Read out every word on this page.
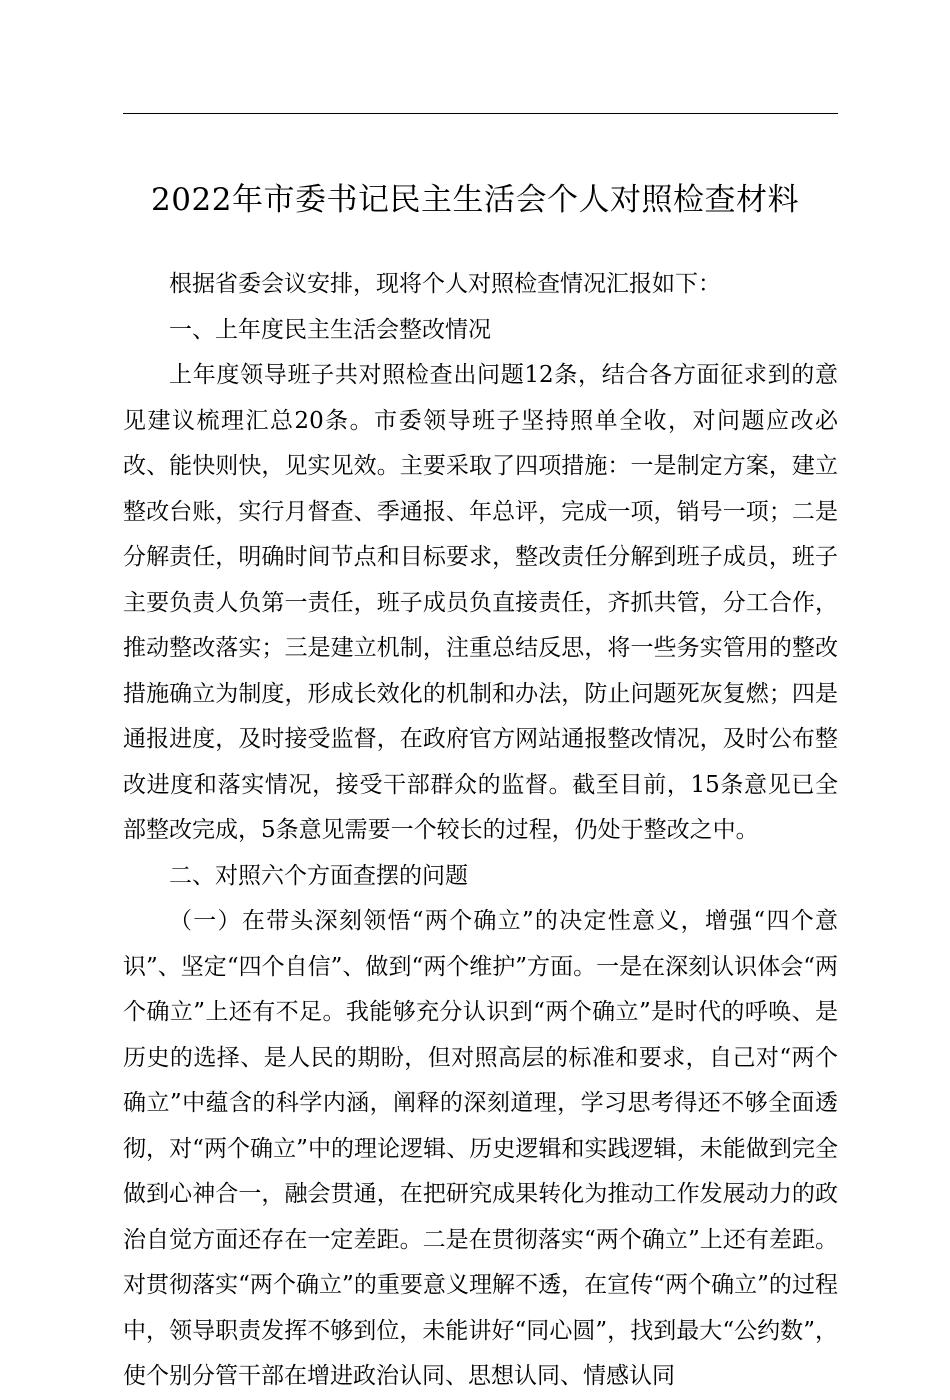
2022年市委书记民主生活会个人对照检查材料

根据省委会议安排，现将个人对照检查情况汇报如下：

一、上年度民主生活会整改情况

上年度领导班子共对照检查出问题12条，结合各方面征求到的意见建议梳理汇总20条。市委领导班子坚持照单全收，对问题应改必改、能快则快，见实见效。主要采取了四项措施：一是制定方案，建立整改台账，实行月督查、季通报、年总评，完成一项，销号一项；二是分解责任，明确时间节点和目标要求，整改责任分解到班子成员，班子主要负责人负第一责任，班子成员负直接责任，齐抓共管，分工合作，推动整改落实；三是建立机制，注重总结反思，将一些务实管用的整改措施确立为制度，形成长效化的机制和办法，防止问题死灰复燃；四是通报进度，及时接受监督，在政府官方网站通报整改情况，及时公布整改进度和落实情况，接受干部群众的监督。截至目前，15条意见已全部整改完成，5条意见需要一个较长的过程，仍处于整改之中。

二、对照六个方面查摆的问题

（一）在带头深刻领悟“两个确立”的决定性意义，增强“四个意识”、坚定“四个自信”、做到“两个维护”方面。一是在深刻认识体会“两个确立”上还有不足。我能够充分认识到“两个确立”是时代的呼唤、是历史的选择、是人民的期盼，但对照高层的标准和要求，自己对“两个确立”中蕴含的科学内涵，阐释的深刻道理，学习思考得还不够全面透彻，对“两个确立”中的理论逻辑、历史逻辑和实践逻辑，未能做到完全做到心神合一，融会贯通，在把研究成果转化为推动工作发展动力的政治自觉方面还存在一定差距。二是在贯彻落实“两个确立”上还有差距。对贯彻落实“两个确立”的重要意义理解不透，在宣传“两个确立”的过程中，领导职责发挥不够到位，未能讲好“同心圆”，找到最大“公约数”，使个别分管干部在增进政治认同、思想认同、情感认同
